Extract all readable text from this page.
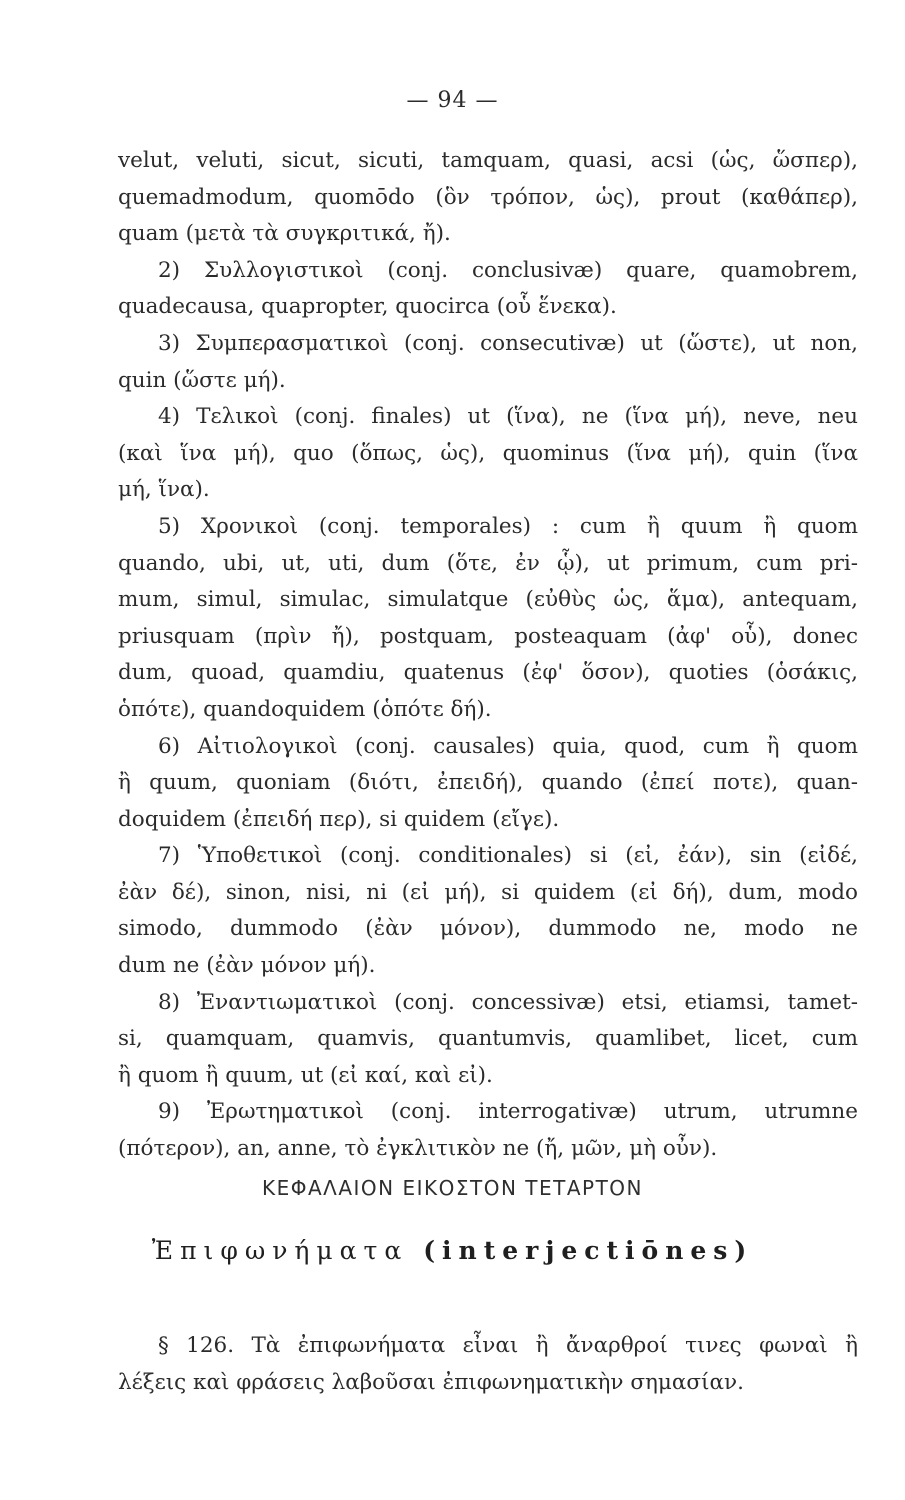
— 94 —
velut, veluti, sicut, sicuti, tamquam, quasi, acsi (ὡς, ὥσπερ),
quemadmodum, quomōdo (ὃν τρόπον, ὡς), prout (καθάπερ),
quam (μετὰ τὰ συγκριτικά, ἤ).
2) Συλλογιστικοὶ (conj. conclusivæ) quare, quamobrem,
quadecausa, quapropter, quocirca (οὗ ἕνεκα).
3) Συμπερασματικοὶ (conj. consecutivæ) ut (ὥστε), ut non,
quin (ὥστε μή).
4) Τελικοὶ (conj. finales) ut (ἵνα), ne (ἵνα μή), neve, neu
(καὶ ἵνα μή), quo (ὅπως, ὡς), quominus (ἵνα μή), quin (ἵνα
μή, ἵνα).
5) Χρονικοὶ (conj. temporales) : cum ἢ quum ἢ quom
quando, ubi, ut, uti, dum (ὅτε, ἐν ᾧ), ut primum, cum pri-
mum, simul, simulac, simulatque (εὐθὺς ὡς, ἅμα), antequam,
priusquam (πρὶν ἤ), postquam, posteaquam (ἀφ' οὗ), donec
dum, quoad, quamdiu, quatenus (ἐφ' ὅσον), quoties (ὁσάκις,
ὁπότε), quandoquidem (ὁπότε δή).
6) Αἰτιολογικοὶ (conj. causales) quia, quod, cum ἢ quom
ἢ quum, quoniam (διότι, ἐπειδή), quando (ἐπεί ποτε), quan-
doquidem (ἐπειδή περ), si quidem (εἴγε).
7) Ὑποθετικοὶ (conj. conditionales) si (εἰ, ἐάν), sin (εἰδέ,
ἐὰν δέ), sinon, nisi, ni (εἰ μή), si quidem (εἰ δή), dum, modo
simodo, dummodo (ἐὰν μόνον), dummodo ne, modo ne
dum ne (ἐὰν μόνον μή).
8) Ἐναντιωματικοὶ (conj. concessivæ) etsi, etiamsi, tamet-
si, quamquam, quamvis, quantumvis, quamlibet, licet, cum
ἢ quom ἢ quum, ut (εἰ καί, καὶ εἰ).
9) Ἐρωτηματικοὶ (conj. interrogativæ) utrum, utrumne
(πότερον), an, anne, τὸ ἐγκλιτικὸν ne (ἤ, μῶν, μὴ οὖν).
ΚΕΦΑΛΑΙΟΝ ΕΙΚΟΣΤΟΝ ΤΕΤΑΡΤΟΝ
Ἐπιφωνήματα (interjectiōnes)
§ 126. Τὰ ἐπιφωνήματα εἶναι ἢ ἄναρθροί τινες φωναὶ ἢ
λέξεις καὶ φράσεις λαβοῦσαι ἐπιφωνηματικὴν σημασίαν.
